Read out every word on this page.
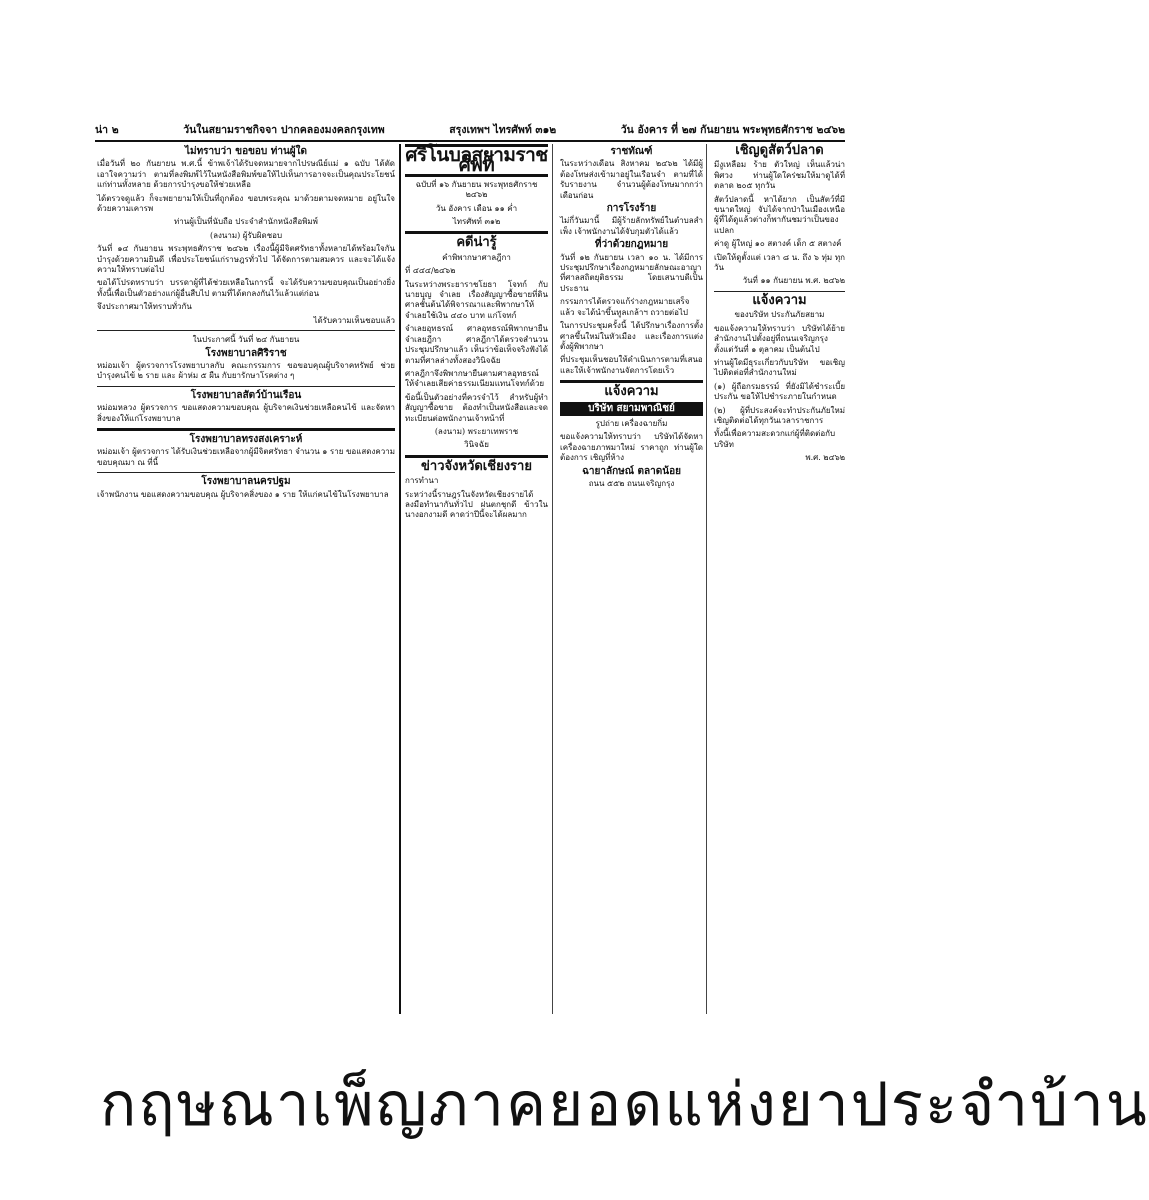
น่า ๒	วันในสยามราชกิจจา ปากคลองมงคลกรุงเทพ	สรุงเทพฯ ไทรศัพท์ ๓๑๒	วัน อังคาร ที่ ๒๗ กันยายน พระพุทธศักราช ๒๔๖๒
ไม่ทราบว่า ขอขอบ ท่านผู้ใด

เมื่อวันที่ ๒๐ กันยายน พ.ศ.นี้ ข้าพเจ้าได้รับจดหมายจากไปรษณีย์แม่ ๑ ฉบับ ได้ตัดเอาใจความว่า ตามที่ลงพิมพ์ไว้ในหนังสือพิมพ์ขอให้ไปเห็นการอาจจะเป็นคุณประโยชน์ แก่ท่านทั้งหลาย ด้วยการบำรุงขอให้ช่วยเหลือ

ได้ตรวจดูแล้ว ก็จะพยายามให้เป็นที่ถูกต้อง ขอบพระคุณ มาด้วยตามจดหมาย อยู่ในใจ ด้วยความเคารพ

ท่านผู้เป็นที่นับถือ ประจำสำนักหนังสือพิมพ์

(ลงนาม) ผู้รับผิดชอบ

วันที่ ๑๔ กันยายน พระพุทธศักราช ๒๔๖๒ เรื่องนี้ผู้มีจิตศรัทธาทั้งหลายได้พร้อมใจกันบำรุงด้วยความยินดี เพื่อประโยชน์แก่ราษฎรทั่วไป ได้จัดการตามสมควร และจะได้แจ้งความให้ทราบต่อไป

ขอได้โปรดทราบว่า บรรดาผู้ที่ได้ช่วยเหลือในการนี้ จะได้รับความขอบคุณเป็นอย่างยิ่ง ทั้งนี้เพื่อเป็นตัวอย่างแก่ผู้อื่นสืบไป ตามที่ได้ตกลงกันไว้แล้วแต่ก่อน

จึงประกาศมาให้ทราบทั่วกัน

ได้รับความเห็นชอบแล้ว

ในประกาศนี้ วันที่ ๒๔ กันยายน

โรงพยาบาลศิริราช

หม่อมเจ้า ผู้ตรวจการโรงพยาบาลกับ คณะกรรมการ ขอขอบคุณผู้บริจาคทรัพย์ ช่วยบำรุงคนไข้ ๒ ราย และ ผ้าห่ม ๕ ผืน กับยารักษาโรคต่าง ๆ

โรงพยาบาลสัตว์บ้านเรือน

หม่อมหลวง ผู้ตรวจการ ขอแสดงความขอบคุณ ผู้บริจาคเงินช่วยเหลือคนไข้ และจัดหาสิ่งของให้แก่โรงพยาบาล

โรงพยาบาลทรงสงเคราะห์

หม่อมเจ้า ผู้ตรวจการ ได้รับเงินช่วยเหลือจากผู้มีจิตศรัทธา จำนวน ๑ ราย ขอแสดงความขอบคุณมา ณ ที่นี้

โรงพยาบาลนครปฐม

เจ้าพนักงาน ขอแสดงความขอบคุณ ผู้บริจาคสิ่งของ ๑ ราย ให้แก่คนไข้ในโรงพยาบาล

ศรีโนบลสยามราชศัพท์

ฉบับที่ ๑๖ กันยายน พระพุทธศักราช ๒๔๖๒

วัน อังคาร เดือน ๑๑ ค่ำ

ไทรศัพท์ ๓๑๒

คดีน่ารู้

คำพิพากษาศาลฎีกา

ที่ ๔๔๔/๒๔๖๒

ในระหว่างพระยาราชโยธา โจทก์ กับ นายบุญ จำเลย เรื่องสัญญาซื้อขายที่ดิน ศาลชั้นต้นได้พิจารณาและพิพากษาให้จำเลยใช้เงิน ๔๔๐ บาท แก่โจทก์

จำเลยอุทธรณ์ ศาลอุทธรณ์พิพากษายืน จำเลยฎีกา ศาลฎีกาได้ตรวจสำนวนประชุมปรึกษาแล้ว เห็นว่าข้อเท็จจริงฟังได้ตามที่ศาลล่างทั้งสองวินิจฉัย

ศาลฎีกาจึงพิพากษายืนตามศาลอุทธรณ์ ให้จำเลยเสียค่าธรรมเนียมแทนโจทก์ด้วย

ข้อนี้เป็นตัวอย่างที่ควรจำไว้ สำหรับผู้ทำสัญญาซื้อขาย ต้องทำเป็นหนังสือและจดทะเบียนต่อพนักงานเจ้าหน้าที่

(ลงนาม) พระยาเทพราช

วินิจฉัย

ข่าวจังหวัดเชียงราย

การทำนา

ระหว่างนี้ราษฎรในจังหวัดเชียงรายได้ลงมือทำนากันทั่วไป ฝนตกชุกดี ข้าวในนางอกงามดี คาดว่าปีนี้จะได้ผลมาก

ราชทัณฑ์

ในระหว่างเดือน สิงหาคม ๒๔๖๒ ได้มีผู้ต้องโทษส่งเข้ามาอยู่ในเรือนจำ ตามที่ได้รับรายงาน จำนวนผู้ต้องโทษมากกว่าเดือนก่อน

การโรงร้าย

ไม่กี่วันมานี้ มีผู้ร้ายลักทรัพย์ในตำบลสำเพ็ง เจ้าพนักงานได้จับกุมตัวได้แล้ว

ที่ว่าด้วยกฎหมาย

วันที่ ๑๒ กันยายน เวลา ๑๐ น. ได้มีการประชุมปรึกษาเรื่องกฎหมายลักษณะอาญา ที่ศาลสถิตยุติธรรม โดยเสนาบดีเป็นประธาน

กรรมการได้ตรวจแก้ร่างกฎหมายเสร็จแล้ว จะได้นำขึ้นทูลเกล้าฯ ถวายต่อไป

ในการประชุมครั้งนี้ ได้ปรึกษาเรื่องการตั้งศาลขึ้นใหม่ในหัวเมือง และเรื่องการแต่งตั้งผู้พิพากษา

ที่ประชุมเห็นชอบให้ดำเนินการตามที่เสนอ และให้เจ้าพนักงานจัดการโดยเร็ว

แจ้งความ
บริษัท สยามพาณิชย์

รูปถ่าย เครื่องฉายกิ่ม

ขอแจ้งความให้ทราบว่า บริษัทได้จัดหาเครื่องฉายภาพมาใหม่ ราคาถูก ท่านผู้ใดต้องการ เชิญที่ห้าง

ฉายาลักษณ์ ตลาดน้อย

ถนน ๕๕๒ ถนนเจริญกรุง

เชิญดูสัตว์ปลาด

มีงูเหลือม ร้าย ตัวใหญ่ เห็นแล้วน่าพิศวง ท่านผู้ใดใคร่ชมให้มาดูได้ที่ ตลาด ๒๐๕ ทุกวัน

สัตว์ปลาดนี้ หาได้ยาก เป็นสัตว์ที่มีขนาดใหญ่ จับได้จากป่าในเมืองเหนือ ผู้ที่ได้ดูแล้วต่างก็พากันชมว่าเป็นของแปลก

ค่าดู ผู้ใหญ่ ๑๐ สตางค์ เด็ก ๕ สตางค์

เปิดให้ดูตั้งแต่ เวลา ๘ น. ถึง ๖ ทุ่ม ทุกวัน

วันที่ ๑๑ กันยายน พ.ศ. ๒๔๖๒

แจ้งความ

ของบริษัท ประกันภัยสยาม

ขอแจ้งความให้ทราบว่า บริษัทได้ย้ายสำนักงานไปตั้งอยู่ที่ถนนเจริญกรุง ตั้งแต่วันที่ ๑ ตุลาคม เป็นต้นไป

ท่านผู้ใดมีธุระเกี่ยวกับบริษัท ขอเชิญไปติดต่อที่สำนักงานใหม่

(๑) ผู้ถือกรมธรรม์ ที่ยังมิได้ชำระเบี้ยประกัน ขอให้ไปชำระภายในกำหนด

(๒) ผู้ที่ประสงค์จะทำประกันภัยใหม่ เชิญติดต่อได้ทุกวันเวลาราชการ

ทั้งนี้เพื่อความสะดวกแก่ผู้ที่ติดต่อกับบริษัท

พ.ศ. ๒๔๖๒

กฤษณาเพ็ญภาคยอดแห่งยาประจำบ้าน
